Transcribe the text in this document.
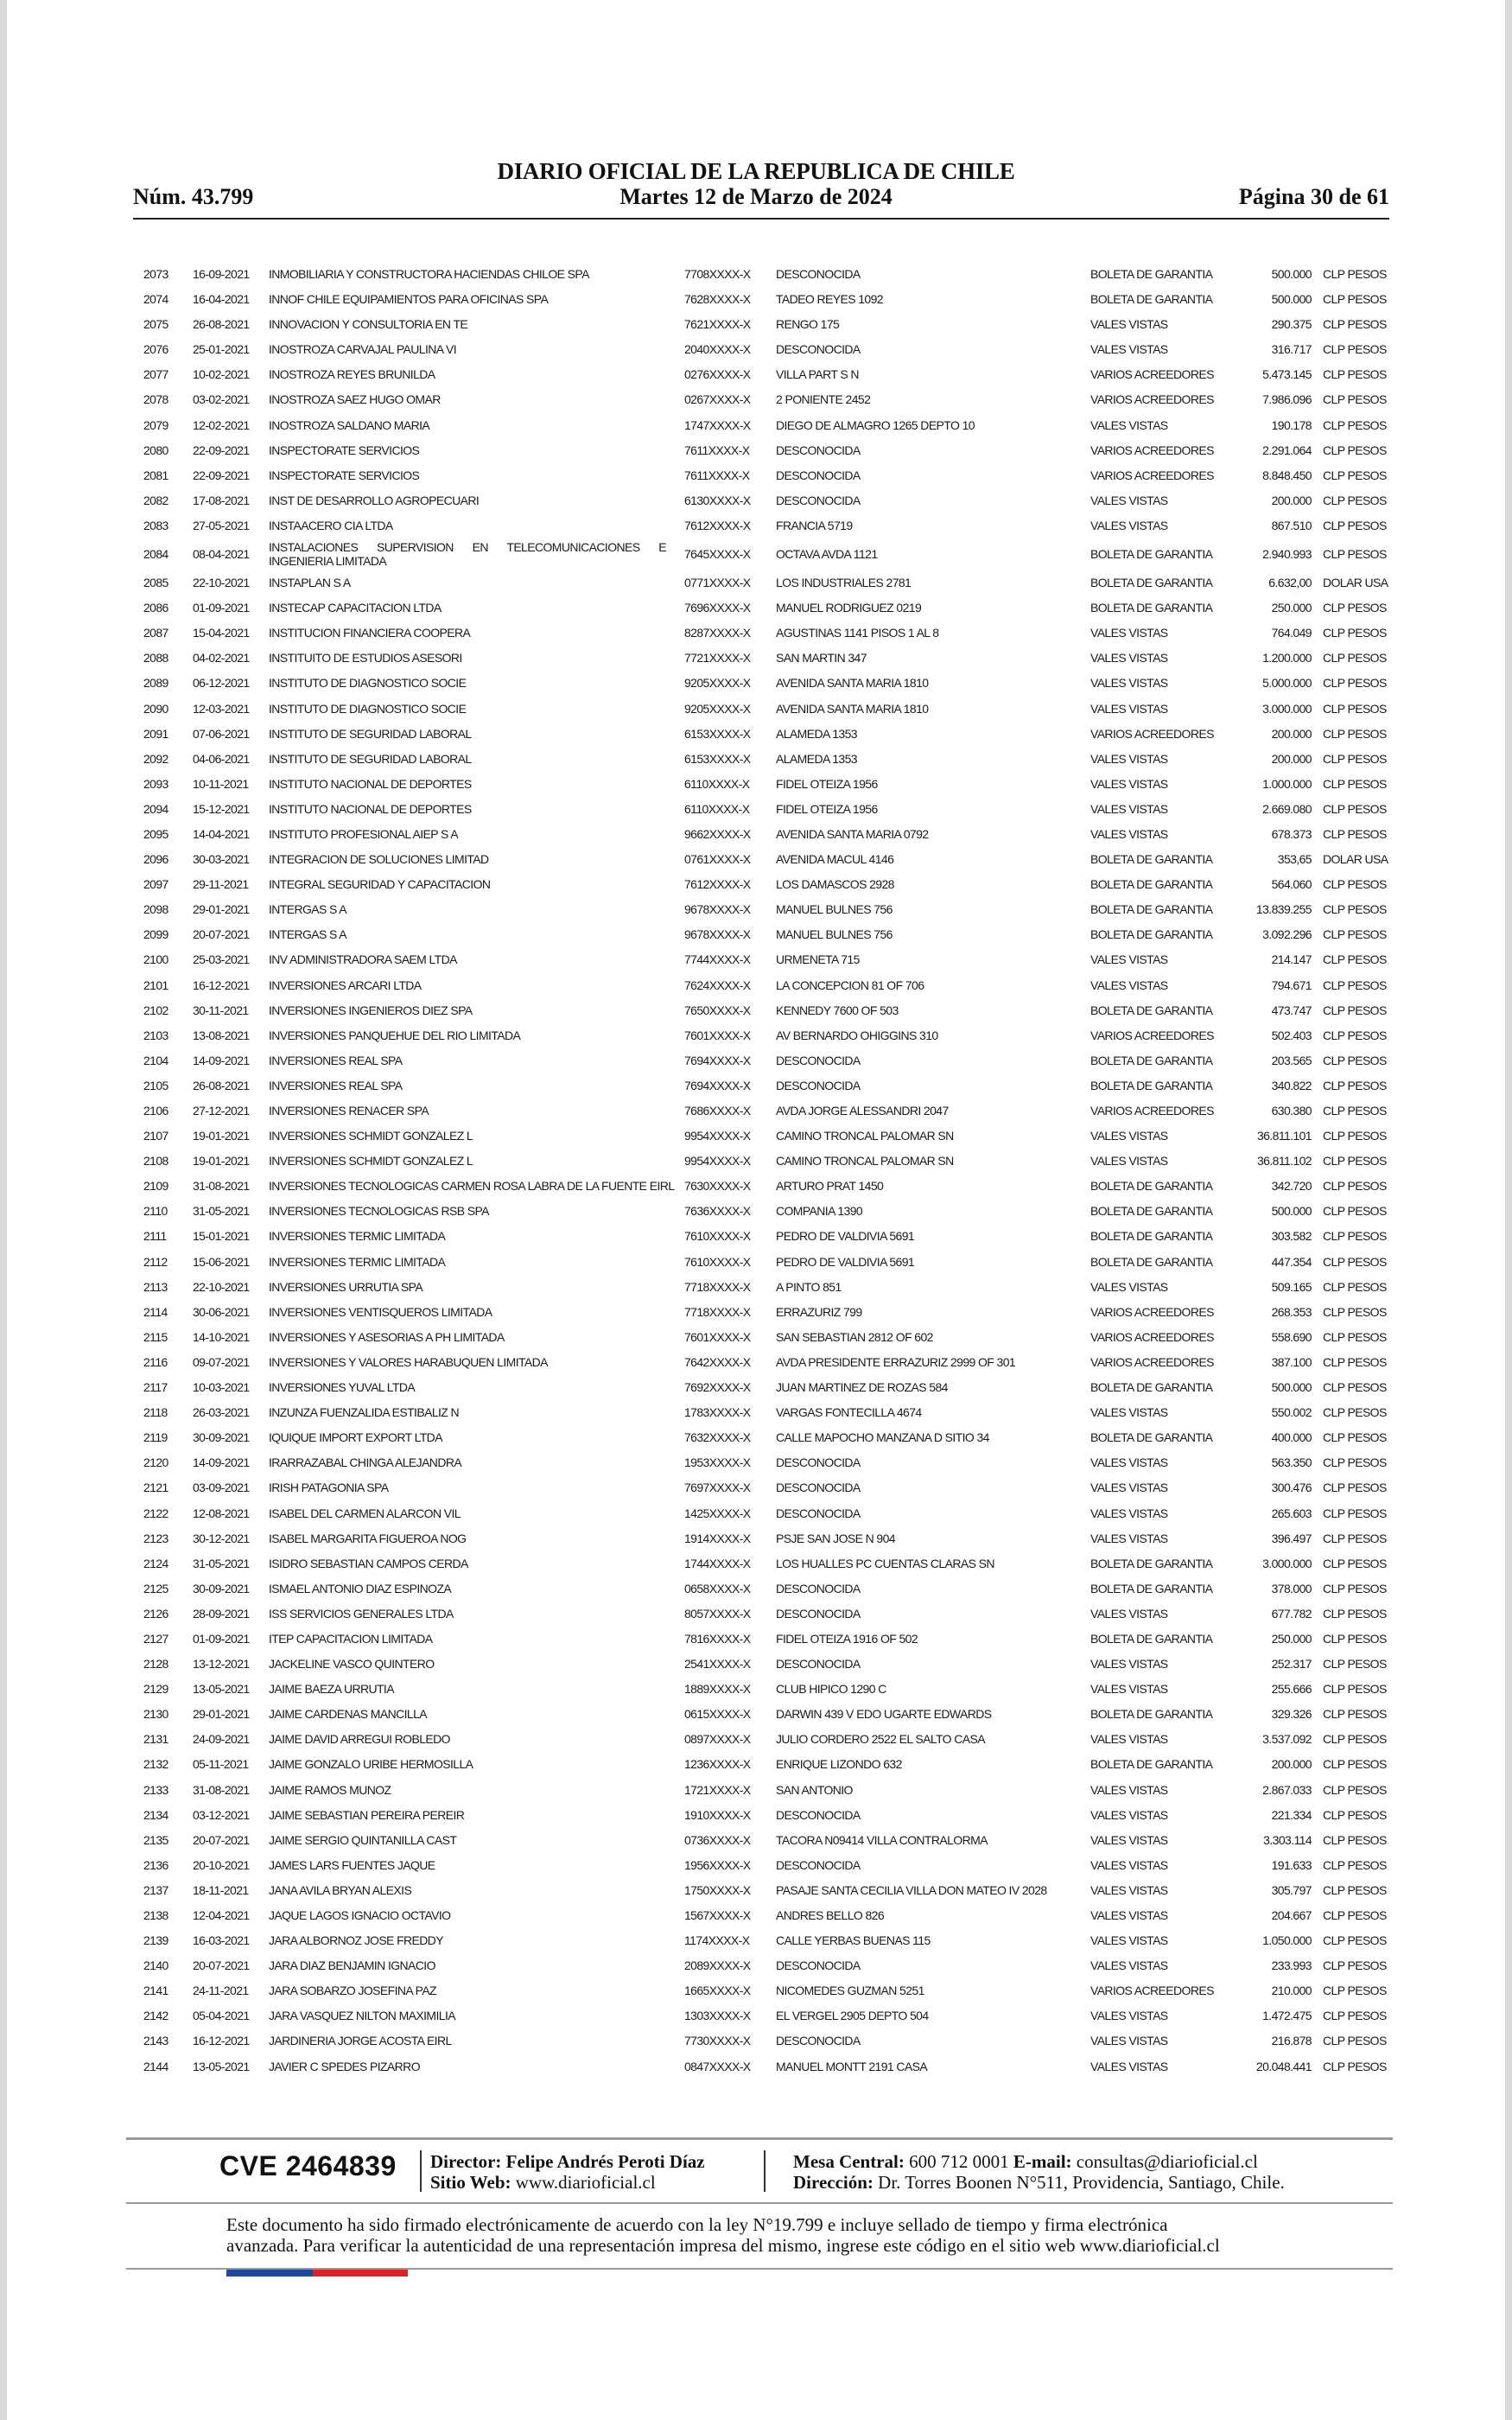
DIARIO OFICIAL DE LA REPUBLICA DE CHILE
Núm. 43.799	Martes 12 de Marzo de 2024	Página 30 de 61
2073	16-09-2021 INMOBILIARIA Y CONSTRUCTORA HACIENDAS CHILOE SPA	7708XXXX-X DESCONOCIDA	BOLETA DE GARANTIA	500.000 CLP PESOS
2074	16-04-2021 INNOF CHILE EQUIPAMIENTOS PARA OFICINAS SPA	7628XXXX-X TADEO REYES 1092	BOLETA DE GARANTIA	500.000 CLP PESOS
2075	26-08-2021 INNOVACION Y CONSULTORIA EN TE	7621XXXX-X RENGO 175	VALES VISTAS	290.375 CLP PESOS
2076	25-01-2021 INOSTROZA CARVAJAL PAULINA VI	2040XXXX-X DESCONOCIDA	VALES VISTAS	316.717 CLP PESOS
2077	10-02-2021 INOSTROZA REYES BRUNILDA	0276XXXX-X VILLA PART S N	VARIOS ACREEDORES	5.473.145 CLP PESOS
2078	03-02-2021 INOSTROZA SAEZ HUGO OMAR	0267XXXX-X 2 PONIENTE 2452	VARIOS ACREEDORES	7.986.096 CLP PESOS
2079	12-02-2021 INOSTROZA SALDANO MARIA	1747XXXX-X DIEGO DE ALMAGRO 1265 DEPTO 10	VALES VISTAS	190.178 CLP PESOS
2080	22-09-2021 INSPECTORATE SERVICIOS	7611XXXX-X DESCONOCIDA	VARIOS ACREEDORES	2.291.064 CLP PESOS
2081	22-09-2021 INSPECTORATE SERVICIOS	7611XXXX-X DESCONOCIDA	VARIOS ACREEDORES	8.848.450 CLP PESOS
2082	17-08-2021 INST DE DESARROLLO AGROPECUARI	6130XXXX-X DESCONOCIDA	VALES VISTAS	200.000 CLP PESOS
2083	27-05-2021 INSTAACERO CIA LTDA	7612XXXX-X FRANCIA 5719	VALES VISTAS	867.510 CLP PESOS
2084	08-04-2021 INSTALACIONES SUPERVISION EN TELECOMUNICACIONES E
INGENIERIA LIMITADA	7645XXXX-X OCTAVA AVDA 1121	BOLETA DE GARANTIA	2.940.993 CLP PESOS
2085	22-10-2021 INSTAPLAN S A	0771XXXX-X LOS INDUSTRIALES 2781	BOLETA DE GARANTIA	6.632,00 DOLAR USA
2086	01-09-2021 INSTECAP CAPACITACION LTDA	7696XXXX-X MANUEL RODRIGUEZ 0219	BOLETA DE GARANTIA	250.000 CLP PESOS
2087	15-04-2021 INSTITUCION FINANCIERA COOPERA	8287XXXX-X AGUSTINAS 1141 PISOS 1 AL 8	VALES VISTAS	764.049 CLP PESOS
2088	04-02-2021 INSTITUITO DE ESTUDIOS ASESORI	7721XXXX-X SAN MARTIN 347	VALES VISTAS	1.200.000 CLP PESOS
2089	06-12-2021 INSTITUTO DE DIAGNOSTICO SOCIE	9205XXXX-X AVENIDA SANTA MARIA 1810	VALES VISTAS	5.000.000 CLP PESOS
2090	12-03-2021 INSTITUTO DE DIAGNOSTICO SOCIE	9205XXXX-X AVENIDA SANTA MARIA 1810	VALES VISTAS	3.000.000 CLP PESOS
2091	07-06-2021 INSTITUTO DE SEGURIDAD LABORAL	6153XXXX-X ALAMEDA 1353	VARIOS ACREEDORES	200.000 CLP PESOS
2092	04-06-2021 INSTITUTO DE SEGURIDAD LABORAL	6153XXXX-X ALAMEDA 1353	VALES VISTAS	200.000 CLP PESOS
2093	10-11-2021 INSTITUTO NACIONAL DE DEPORTES	6110XXXX-X FIDEL OTEIZA 1956	VALES VISTAS	1.000.000 CLP PESOS
2094	15-12-2021 INSTITUTO NACIONAL DE DEPORTES	6110XXXX-X FIDEL OTEIZA 1956	VALES VISTAS	2.669.080 CLP PESOS
2095	14-04-2021 INSTITUTO PROFESIONAL AIEP S A	9662XXXX-X AVENIDA SANTA MARIA 0792	VALES VISTAS	678.373 CLP PESOS
2096	30-03-2021 INTEGRACION DE SOLUCIONES LIMITAD	0761XXXX-X AVENIDA MACUL 4146	BOLETA DE GARANTIA	353,65 DOLAR USA
2097	29-11-2021 INTEGRAL SEGURIDAD Y CAPACITACION	7612XXXX-X LOS DAMASCOS 2928	BOLETA DE GARANTIA	564.060 CLP PESOS
2098	29-01-2021 INTERGAS S A	9678XXXX-X MANUEL BULNES 756	BOLETA DE GARANTIA	13.839.255 CLP PESOS
2099	20-07-2021 INTERGAS S A	9678XXXX-X MANUEL BULNES 756	BOLETA DE GARANTIA	3.092.296 CLP PESOS
2100	25-03-2021 INV ADMINISTRADORA SAEM LTDA	7744XXXX-X URMENETA 715	VALES VISTAS	214.147 CLP PESOS
2101	16-12-2021 INVERSIONES ARCARI LTDA	7624XXXX-X LA CONCEPCION 81 OF 706	VALES VISTAS	794.671 CLP PESOS
2102	30-11-2021 INVERSIONES INGENIEROS DIEZ SPA	7650XXXX-X KENNEDY 7600 OF 503	BOLETA DE GARANTIA	473.747 CLP PESOS
2103	13-08-2021 INVERSIONES PANQUEHUE DEL RIO LIMITADA	7601XXXX-X AV BERNARDO OHIGGINS 310	VARIOS ACREEDORES	502.403 CLP PESOS
2104	14-09-2021 INVERSIONES REAL SPA	7694XXXX-X DESCONOCIDA	BOLETA DE GARANTIA	203.565 CLP PESOS
2105	26-08-2021 INVERSIONES REAL SPA	7694XXXX-X DESCONOCIDA	BOLETA DE GARANTIA	340.822 CLP PESOS
2106	27-12-2021 INVERSIONES RENACER SPA	7686XXXX-X AVDA JORGE ALESSANDRI 2047	VARIOS ACREEDORES	630.380 CLP PESOS
2107	19-01-2021 INVERSIONES SCHMIDT GONZALEZ L	9954XXXX-X CAMINO TRONCAL PALOMAR SN	VALES VISTAS	36.811.101 CLP PESOS
2108	19-01-2021 INVERSIONES SCHMIDT GONZALEZ L	9954XXXX-X CAMINO TRONCAL PALOMAR SN	VALES VISTAS	36.811.102 CLP PESOS
2109	31-08-2021 INVERSIONES TECNOLOGICAS CARMEN ROSA LABRA DE LA FUENTE EIRL 7630XXXX-X ARTURO PRAT 1450	BOLETA DE GARANTIA	342.720 CLP PESOS
2110	31-05-2021 INVERSIONES TECNOLOGICAS RSB SPA	7636XXXX-X COMPANIA 1390	BOLETA DE GARANTIA	500.000 CLP PESOS
2111	15-01-2021 INVERSIONES TERMIC LIMITADA	7610XXXX-X PEDRO DE VALDIVIA 5691	BOLETA DE GARANTIA	303.582 CLP PESOS
2112	15-06-2021 INVERSIONES TERMIC LIMITADA	7610XXXX-X PEDRO DE VALDIVIA 5691	BOLETA DE GARANTIA	447.354 CLP PESOS
2113	22-10-2021 INVERSIONES URRUTIA SPA	7718XXXX-X A PINTO 851	VALES VISTAS	509.165 CLP PESOS
2114	30-06-2021 INVERSIONES VENTISQUEROS LIMITADA	7718XXXX-X ERRAZURIZ 799	VARIOS ACREEDORES	268.353 CLP PESOS
2115	14-10-2021 INVERSIONES Y ASESORIAS A PH LIMITADA	7601XXXX-X SAN SEBASTIAN 2812 OF 602	VARIOS ACREEDORES	558.690 CLP PESOS
2116	09-07-2021 INVERSIONES Y VALORES HARABUQUEN LIMITADA	7642XXXX-X AVDA PRESIDENTE ERRAZURIZ 2999 OF 301	VARIOS ACREEDORES	387.100 CLP PESOS
2117	10-03-2021 INVERSIONES YUVAL LTDA	7692XXXX-X JUAN MARTINEZ DE ROZAS 584	BOLETA DE GARANTIA	500.000 CLP PESOS
2118	26-03-2021 INZUNZA FUENZALIDA ESTIBALIZ N	1783XXXX-X VARGAS FONTECILLA 4674	VALES VISTAS	550.002 CLP PESOS
2119	30-09-2021 IQUIQUE IMPORT EXPORT LTDA	7632XXXX-X CALLE MAPOCHO MANZANA D SITIO 34	BOLETA DE GARANTIA	400.000 CLP PESOS
2120	14-09-2021 IRARRAZABAL CHINGA ALEJANDRA	1953XXXX-X DESCONOCIDA	VALES VISTAS	563.350 CLP PESOS
2121	03-09-2021 IRISH PATAGONIA SPA	7697XXXX-X DESCONOCIDA	VALES VISTAS	300.476 CLP PESOS
2122	12-08-2021 ISABEL DEL CARMEN ALARCON VIL	1425XXXX-X DESCONOCIDA	VALES VISTAS	265.603 CLP PESOS
2123	30-12-2021 ISABEL MARGARITA FIGUEROA NOG	1914XXXX-X PSJE SAN JOSE N 904	VALES VISTAS	396.497 CLP PESOS
2124	31-05-2021 ISIDRO SEBASTIAN CAMPOS CERDA	1744XXXX-X LOS HUALLES PC CUENTAS CLARAS SN	BOLETA DE GARANTIA	3.000.000 CLP PESOS
2125	30-09-2021 ISMAEL ANTONIO DIAZ ESPINOZA	0658XXXX-X DESCONOCIDA	BOLETA DE GARANTIA	378.000 CLP PESOS
2126	28-09-2021 ISS SERVICIOS GENERALES LTDA	8057XXXX-X DESCONOCIDA	VALES VISTAS	677.782 CLP PESOS
2127	01-09-2021 ITEP CAPACITACION LIMITADA	7816XXXX-X FIDEL OTEIZA 1916 OF 502	BOLETA DE GARANTIA	250.000 CLP PESOS
2128	13-12-2021 JACKELINE VASCO QUINTERO	2541XXXX-X DESCONOCIDA	VALES VISTAS	252.317 CLP PESOS
2129	13-05-2021 JAIME BAEZA URRUTIA	1889XXXX-X CLUB HIPICO 1290 C	VALES VISTAS	255.666 CLP PESOS
2130	29-01-2021 JAIME CARDENAS MANCILLA	0615XXXX-X DARWIN 439 V EDO UGARTE EDWARDS	BOLETA DE GARANTIA	329.326 CLP PESOS
2131	24-09-2021 JAIME DAVID ARREGUI ROBLEDO	0897XXXX-X JULIO CORDERO 2522 EL SALTO CASA	VALES VISTAS	3.537.092 CLP PESOS
2132	05-11-2021 JAIME GONZALO URIBE HERMOSILLA	1236XXXX-X ENRIQUE LIZONDO 632	BOLETA DE GARANTIA	200.000 CLP PESOS
2133	31-08-2021 JAIME RAMOS MUNOZ	1721XXXX-X SAN ANTONIO	VALES VISTAS	2.867.033 CLP PESOS
2134	03-12-2021 JAIME SEBASTIAN PEREIRA PEREIR	1910XXXX-X DESCONOCIDA	VALES VISTAS	221.334 CLP PESOS
2135	20-07-2021 JAIME SERGIO QUINTANILLA CAST	0736XXXX-X TACORA N09414 VILLA CONTRALORMA	VALES VISTAS	3.303.114 CLP PESOS
2136	20-10-2021 JAMES LARS FUENTES JAQUE	1956XXXX-X DESCONOCIDA	VALES VISTAS	191.633 CLP PESOS
2137	18-11-2021 JANA AVILA BRYAN ALEXIS	1750XXXX-X PASAJE SANTA CECILIA VILLA DON MATEO IV 2028	VALES VISTAS	305.797 CLP PESOS
2138	12-04-2021 JAQUE LAGOS IGNACIO OCTAVIO	1567XXXX-X ANDRES BELLO 826	VALES VISTAS	204.667 CLP PESOS
2139	16-03-2021 JARA ALBORNOZ JOSE FREDDY	1174XXXX-X CALLE YERBAS BUENAS 115	VALES VISTAS	1.050.000 CLP PESOS
2140	20-07-2021 JARA DIAZ BENJAMIN IGNACIO	2089XXXX-X DESCONOCIDA	VALES VISTAS	233.993 CLP PESOS
2141	24-11-2021 JARA SOBARZO JOSEFINA PAZ	1665XXXX-X NICOMEDES GUZMAN 5251	VARIOS ACREEDORES	210.000 CLP PESOS
2142	05-04-2021 JARA VASQUEZ NILTON MAXIMILIA	1303XXXX-X EL VERGEL 2905 DEPTO 504	VALES VISTAS	1.472.475 CLP PESOS
2143	16-12-2021 JARDINERIA JORGE ACOSTA EIRL	7730XXXX-X DESCONOCIDA	VALES VISTAS	216.878 CLP PESOS
2144	13-05-2021 JAVIER C SPEDES PIZARRO	0847XXXX-X MANUEL MONTT 2191 CASA	VALES VISTAS	20.048.441 CLP PESOS
CVE 2464839 Director: Felipe Andrés Peroti Díaz
Sitio Web: www.diarioficial.cl
Mesa Central: 600 712 0001 E-mail: consultas@diarioficial.cl
Dirección: Dr. Torres Boonen N°511, Providencia, Santiago, Chile.
Este documento ha sido firmado electrónicamente de acuerdo con la ley N°19.799 e incluye sellado de tiempo y firma electrónica
avanzada. Para verificar la autenticidad de una representación impresa del mismo, ingrese este código en el sitio web www.diarioficial.cl
